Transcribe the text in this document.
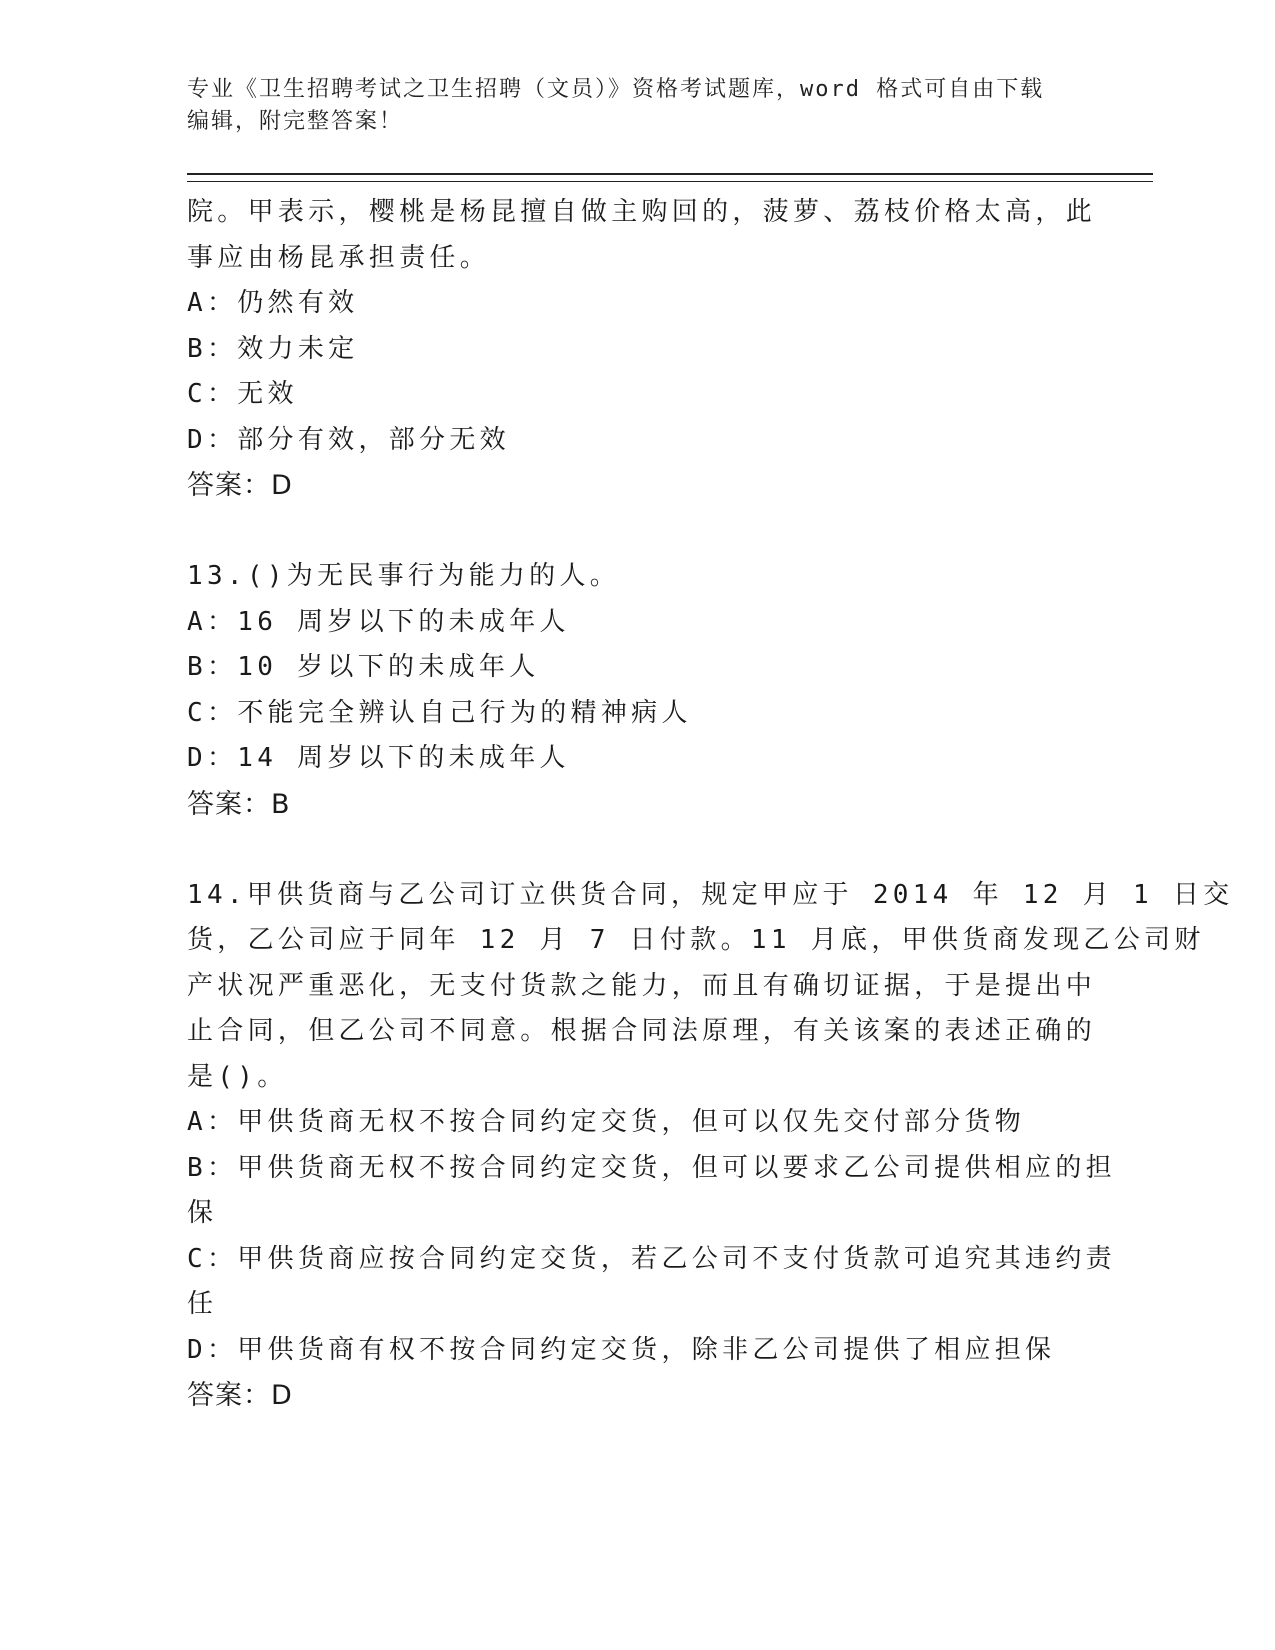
专业《卫生招聘考试之卫生招聘（文员）》资格考试题库，word 格式可自由下载
编辑，附完整答案！
院。甲表示，樱桃是杨昆擅自做主购回的，菠萝、荔枝价格太高，此
事应由杨昆承担责任。
A：仍然有效
B：效力未定
C：无效
D：部分有效，部分无效
答案：D
13.()为无民事行为能力的人。
A：16 周岁以下的未成年人
B：10 岁以下的未成年人
C：不能完全辨认自己行为的精神病人
D：14 周岁以下的未成年人
答案：B
14.甲供货商与乙公司订立供货合同，规定甲应于 2014 年 12 月 1 日交
货，乙公司应于同年 12 月 7 日付款。11 月底，甲供货商发现乙公司财
产状况严重恶化，无支付货款之能力，而且有确切证据，于是提出中
止合同，但乙公司不同意。根据合同法原理，有关该案的表述正确的
是()。
A：甲供货商无权不按合同约定交货，但可以仅先交付部分货物
B：甲供货商无权不按合同约定交货，但可以要求乙公司提供相应的担
保
C：甲供货商应按合同约定交货，若乙公司不支付货款可追究其违约责
任
D：甲供货商有权不按合同约定交货，除非乙公司提供了相应担保
答案：D
